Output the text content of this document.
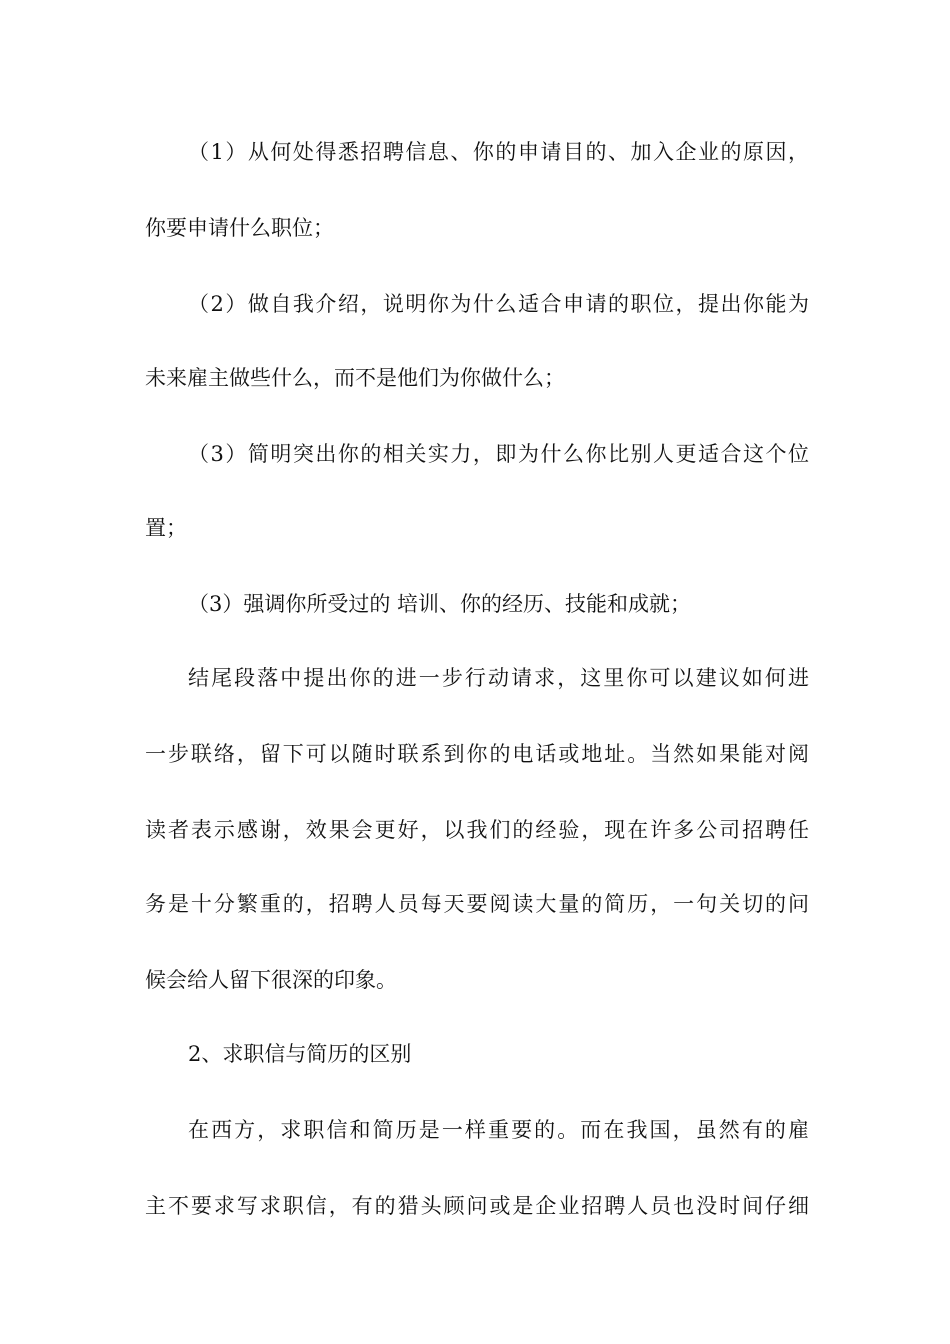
（1）从何处得悉招聘信息、你的申请目的、加入企业的原因，
你要申请什么职位；
（2）做自我介绍，说明你为什么适合申请的职位，提出你能为
未来雇主做些什么，而不是他们为你做什么；
（3）简明突出你的相关实力，即为什么你比别人更适合这个位
置；
（3）强调你所受过的 培训、你的经历、技能和成就；
结尾段落中提出你的进一步行动请求，这里你可以建议如何进
一步联络，留下可以随时联系到你的电话或地址。当然如果能对阅
读者表示感谢，效果会更好，以我们的经验，现在许多公司招聘任
务是十分繁重的，招聘人员每天要阅读大量的简历，一句关切的问
候会给人留下很深的印象。
2、求职信与简历的区别
在西方，求职信和简历是一样重要的。而在我国，虽然有的雇
主不要求写求职信，有的猎头顾问或是企业招聘人员也没时间仔细
